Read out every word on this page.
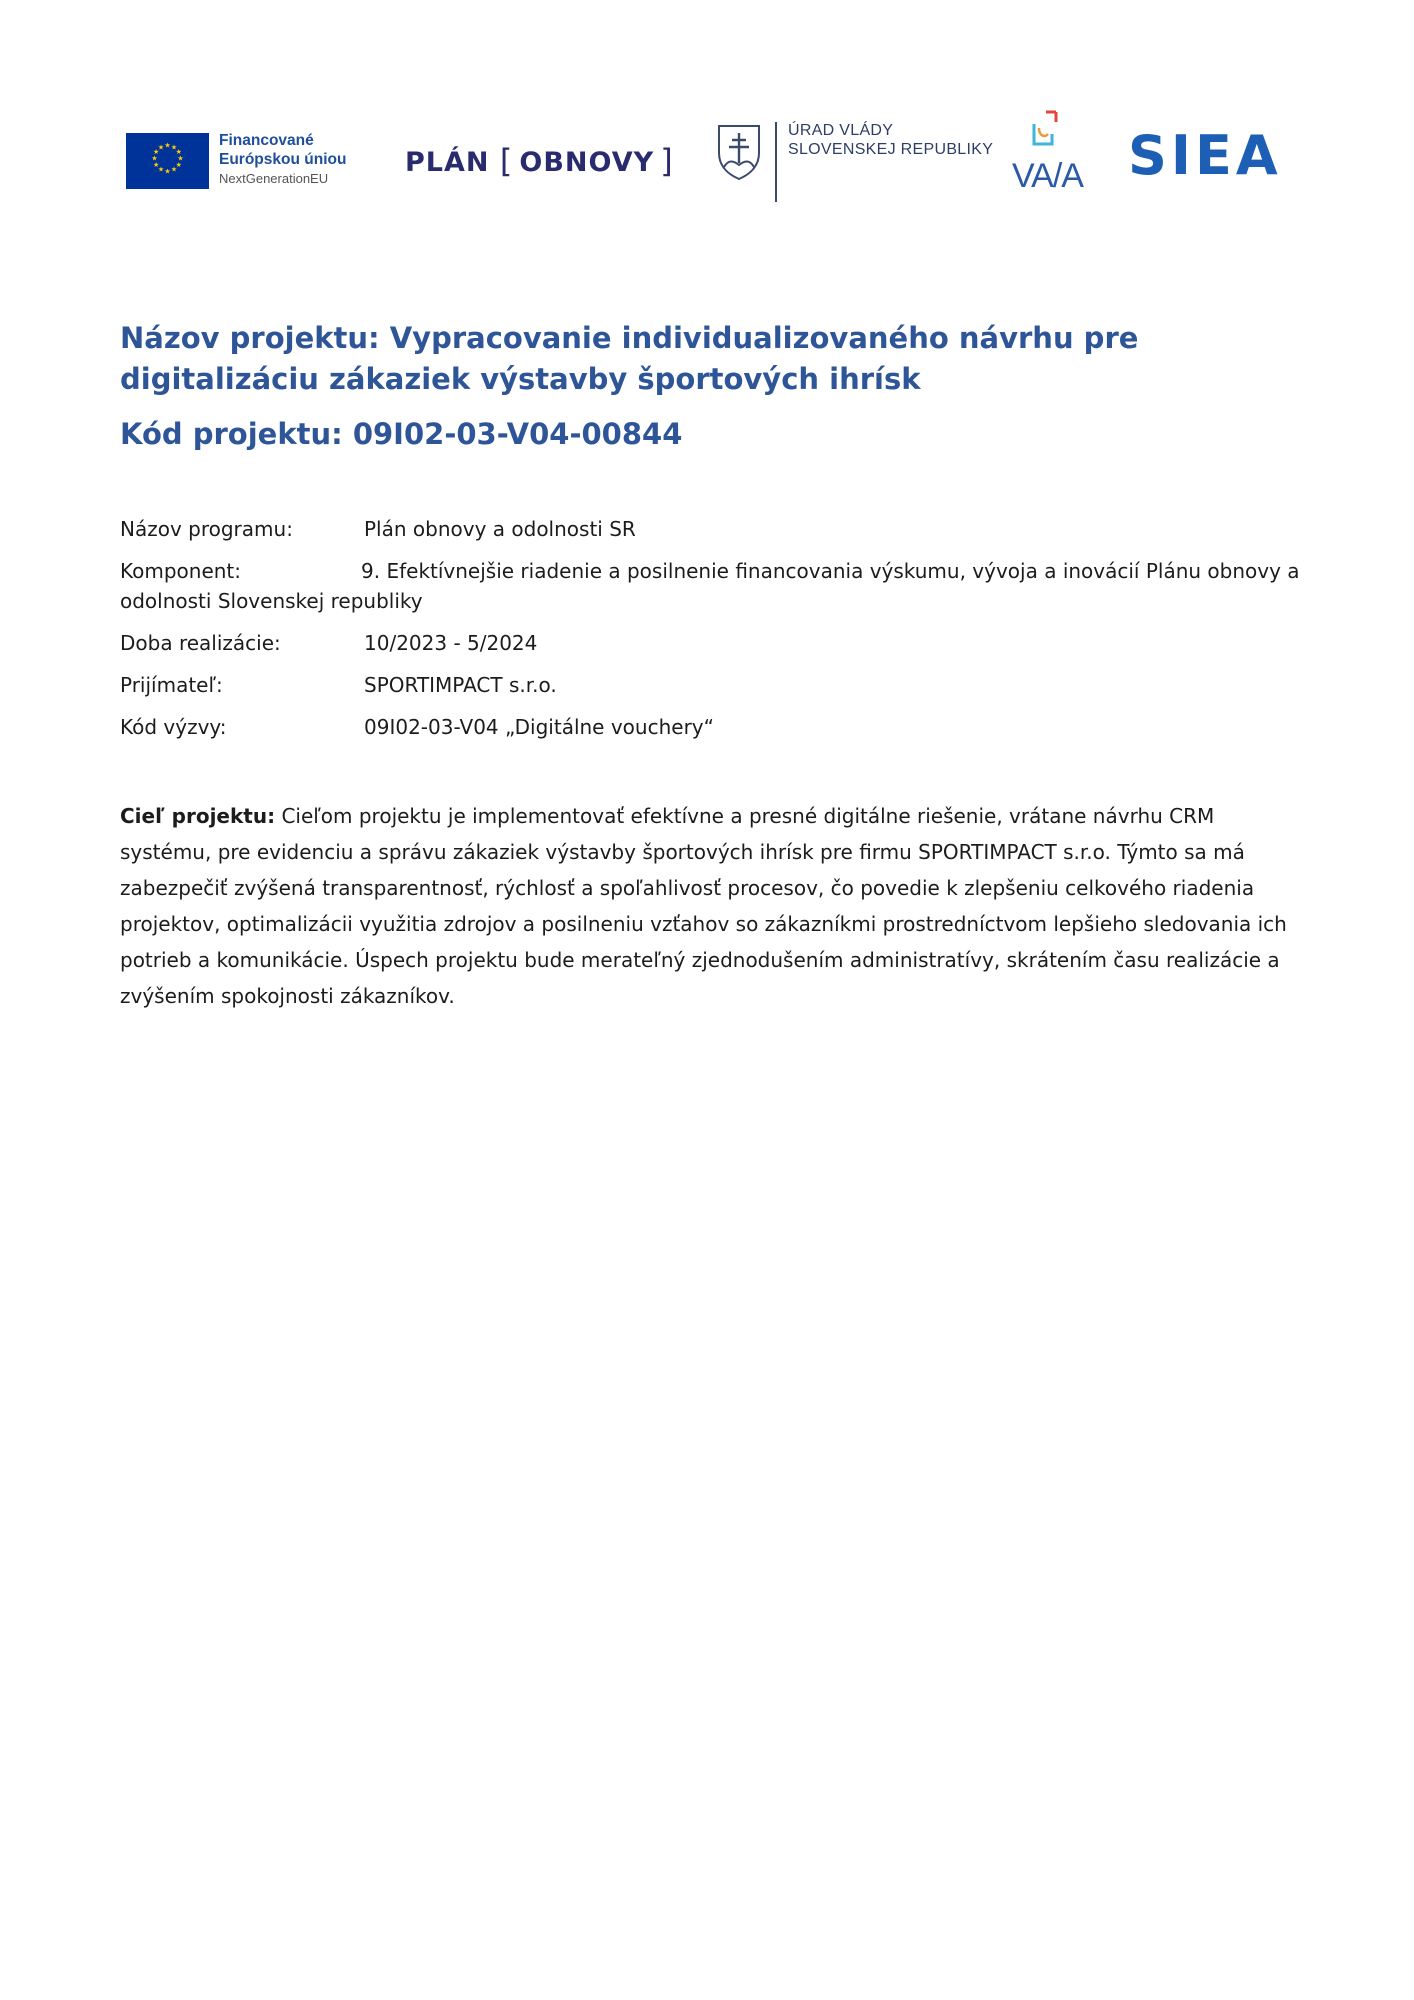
★ ★
★
★
★
★
★
★
★
★
★
★	Financované
Európskou úniou
NextGenerationEU
PLÁN [ OBNOVY ]
ÚRAD VLÁDY
SLOVENSKEJ REPUBLIKY
VA/A SIEA
Názov projektu: Vypracovanie individualizovaného návrhu pre digitalizáciu zákaziek výstavby športových ihrísk
Kód projektu: 09I02-03-V04-00844
Názov programu:	Plán obnovy a odolnosti SR
Komponent:	9. Efektívnejšie riadenie a posilnenie financovania výskumu, vývoja a inovácií Plánu obnovy a odolnosti Slovenskej republiky
Doba realizácie:	10/2023 - 5/2024
Prijímateľ:	SPORTIMPACT s.r.o.
Kód výzvy:	09I02-03-V04 „Digitálne vouchery“
Cieľ projektu: Cieľom projektu je implementovať efektívne a presné digitálne riešenie, vrátane návrhu CRM systému, pre evidenciu a správu zákaziek výstavby športových ihrísk pre firmu SPORTIMPACT s.r.o. Týmto sa má zabezpečiť zvýšená transparentnosť, rýchlosť a spoľahlivosť procesov, čo povedie k zlepšeniu celkového riadenia projektov, optimalizácii využitia zdrojov a posilneniu vzťahov so zákazníkmi prostredníctvom lepšieho sledovania ich potrieb a komunikácie. Úspech projektu bude merateľný zjednodušením administratívy, skrátením času realizácie a zvýšením spokojnosti zákazníkov.
